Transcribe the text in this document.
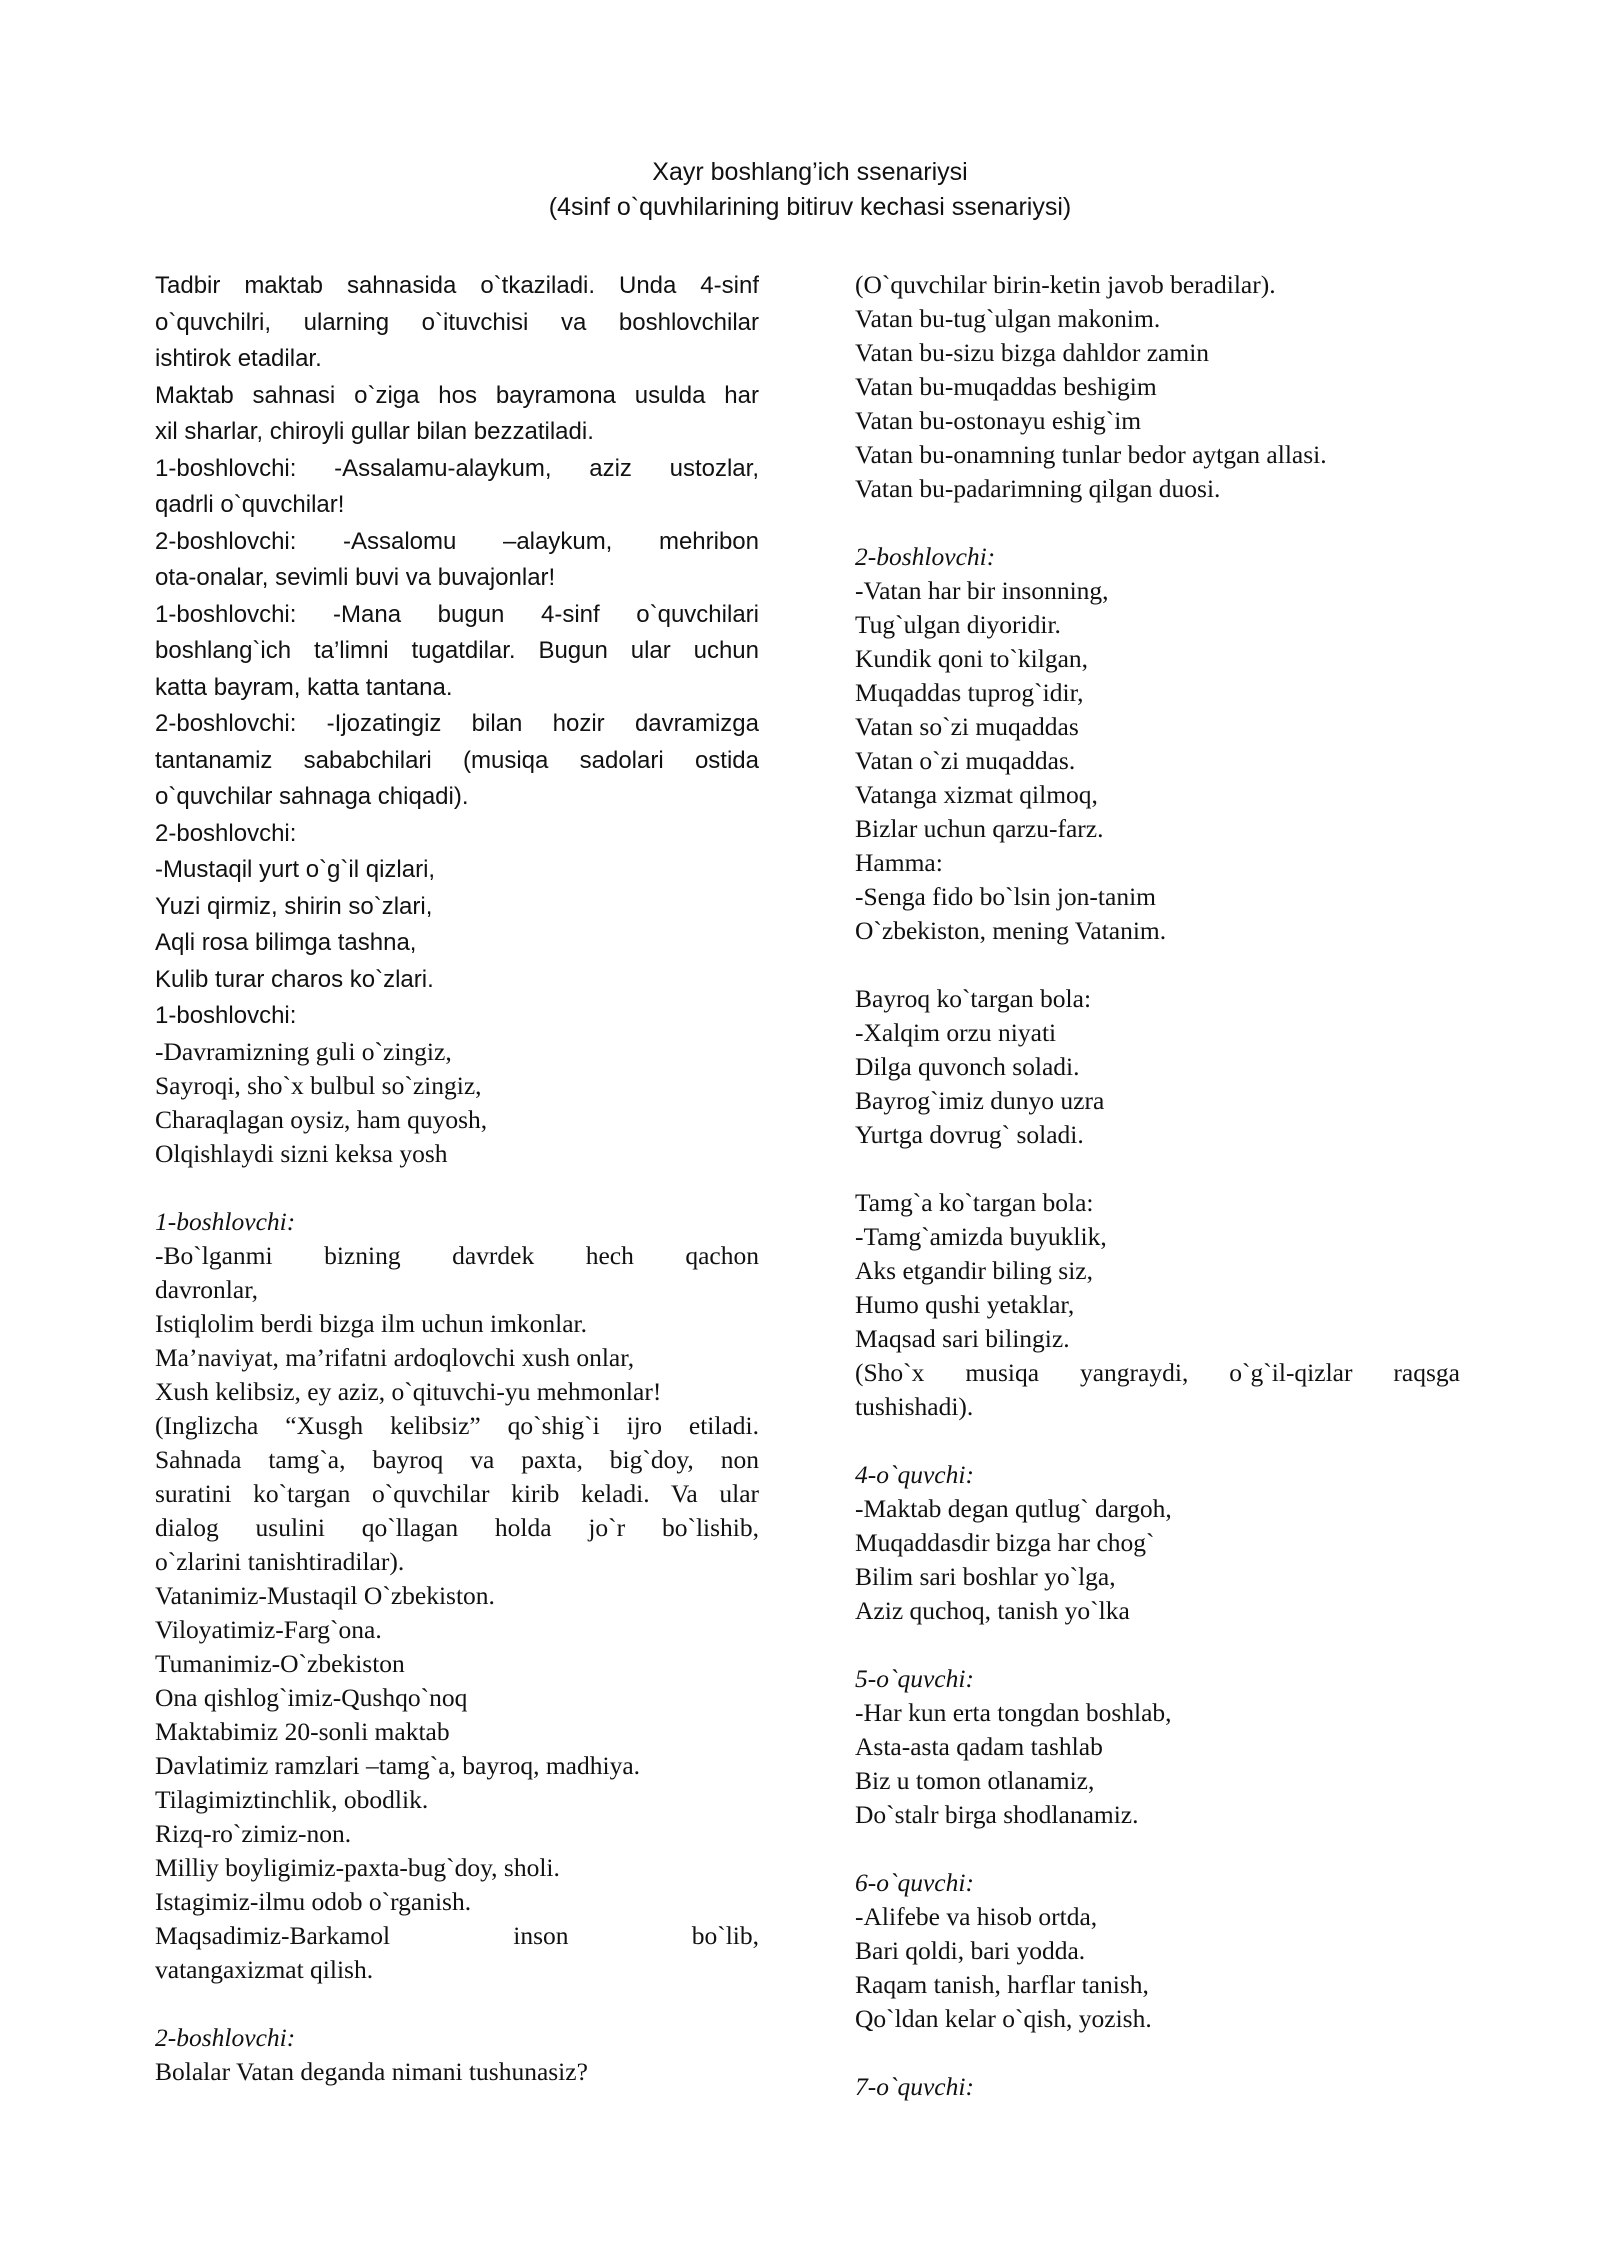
Xayr boshlang’ich ssenariysi
(4sinf o`quvhilarining bitiruv kechasi ssenariysi)
Tadbir maktab sahnasida o`tkaziladi. Unda 4-sinf
o`quvchilri, ularning o`ituvchisi va boshlovchilar
ishtirok etadilar.
Maktab sahnasi o`ziga hos bayramona usulda har
xil sharlar, chiroyli gullar bilan bezzatiladi.
1-boshlovchi: -Assalamu-alaykum, aziz ustozlar,
qadrli o`quvchilar!
2-boshlovchi: -Assalomu –alaykum, mehribon
ota-onalar, sevimli buvi va buvajonlar!
1-boshlovchi: -Mana bugun 4-sinf o`quvchilari
boshlang`ich ta’limni tugatdilar. Bugun ular uchun
katta bayram, katta tantana.
2-boshlovchi: -Ijozatingiz bilan hozir davramizga
tantanamiz sababchilari (musiqa sadolari ostida
o`quvchilar sahnaga chiqadi).
2-boshlovchi:
-Mustaqil yurt o`g`il qizlari,
Yuzi qirmiz, shirin so`zlari,
Aqli rosa bilimga tashna,
Kulib turar charos ko`zlari.
1-boshlovchi:
-Davramizning guli o`zingiz,
Sayroqi, sho`x bulbul so`zingiz,
Charaqlagan oysiz, ham quyosh,
Olqishlaydi sizni keksa yosh
1-boshlovchi:
-Bo`lganmi bizning davrdek hech qachon
davronlar,
Istiqlolim berdi bizga ilm uchun imkonlar.
Ma’naviyat, ma’rifatni ardoqlovchi xush onlar,
Xush kelibsiz, ey aziz, o`qituvchi-yu mehmonlar!
(Inglizcha “Xusgh kelibsiz” qo`shig`i ijro etiladi.
Sahnada tamg`a, bayroq va paxta, big`doy, non
suratini ko`targan o`quvchilar kirib keladi. Va ular
dialog usulini qo`llagan holda jo`r bo`lishib,
o`zlarini tanishtiradilar).
Vatanimiz-Mustaqil O`zbekiston.
Viloyatimiz-Farg`ona.
Tumanimiz-O`zbekiston
Ona qishlog`imiz-Qushqo`noq
Maktabimiz 20-sonli maktab
Davlatimiz ramzlari –tamg`a, bayroq, madhiya.
Tilagimiztinchlik, obodlik.
Rizq-ro`zimiz-non.
Milliy boyligimiz-paxta-bug`doy, sholi.
Istagimiz-ilmu odob o`rganish.
Maqsadimiz-Barkamol inson bo`lib,
vatangaxizmat qilish.
2-boshlovchi:
Bolalar Vatan deganda nimani tushunasiz?
(O`quvchilar birin-ketin javob beradilar).
Vatan bu-tug`ulgan makonim.
Vatan bu-sizu bizga dahldor zamin
Vatan bu-muqaddas beshigim
Vatan bu-ostonayu eshig`im
Vatan bu-onamning tunlar bedor aytgan allasi.
Vatan bu-padarimning qilgan duosi.
2-boshlovchi:
-Vatan har bir insonning,
Tug`ulgan diyoridir.
Kundik qoni to`kilgan,
Muqaddas tuprog`idir,
Vatan so`zi muqaddas
Vatan o`zi muqaddas.
Vatanga xizmat qilmoq,
Bizlar uchun qarzu-farz.
Hamma:
-Senga fido bo`lsin jon-tanim
O`zbekiston, mening Vatanim.
Bayroq ko`targan bola:
-Xalqim orzu niyati
Dilga quvonch soladi.
Bayrog`imiz dunyo uzra
Yurtga dovrug` soladi.
Tamg`a ko`targan bola:
-Tamg`amizda buyuklik,
Aks etgandir biling siz,
Humo qushi yetaklar,
Maqsad sari bilingiz.
(Sho`x musiqa yangraydi, o`g`il-qizlar raqsga
tushishadi).
4-o`quvchi:
-Maktab degan qutlug` dargoh,
Muqaddasdir bizga har chog`
Bilim sari boshlar yo`lga,
Aziz quchoq, tanish yo`lka
5-o`quvchi:
-Har kun erta tongdan boshlab,
Asta-asta qadam tashlab
Biz u tomon otlanamiz,
Do`stalr birga shodlanamiz.
6-o`quvchi:
-Alifebe va hisob ortda,
Bari qoldi, bari yodda.
Raqam tanish, harflar tanish,
Qo`ldan kelar o`qish, yozish.
7-o`quvchi:
